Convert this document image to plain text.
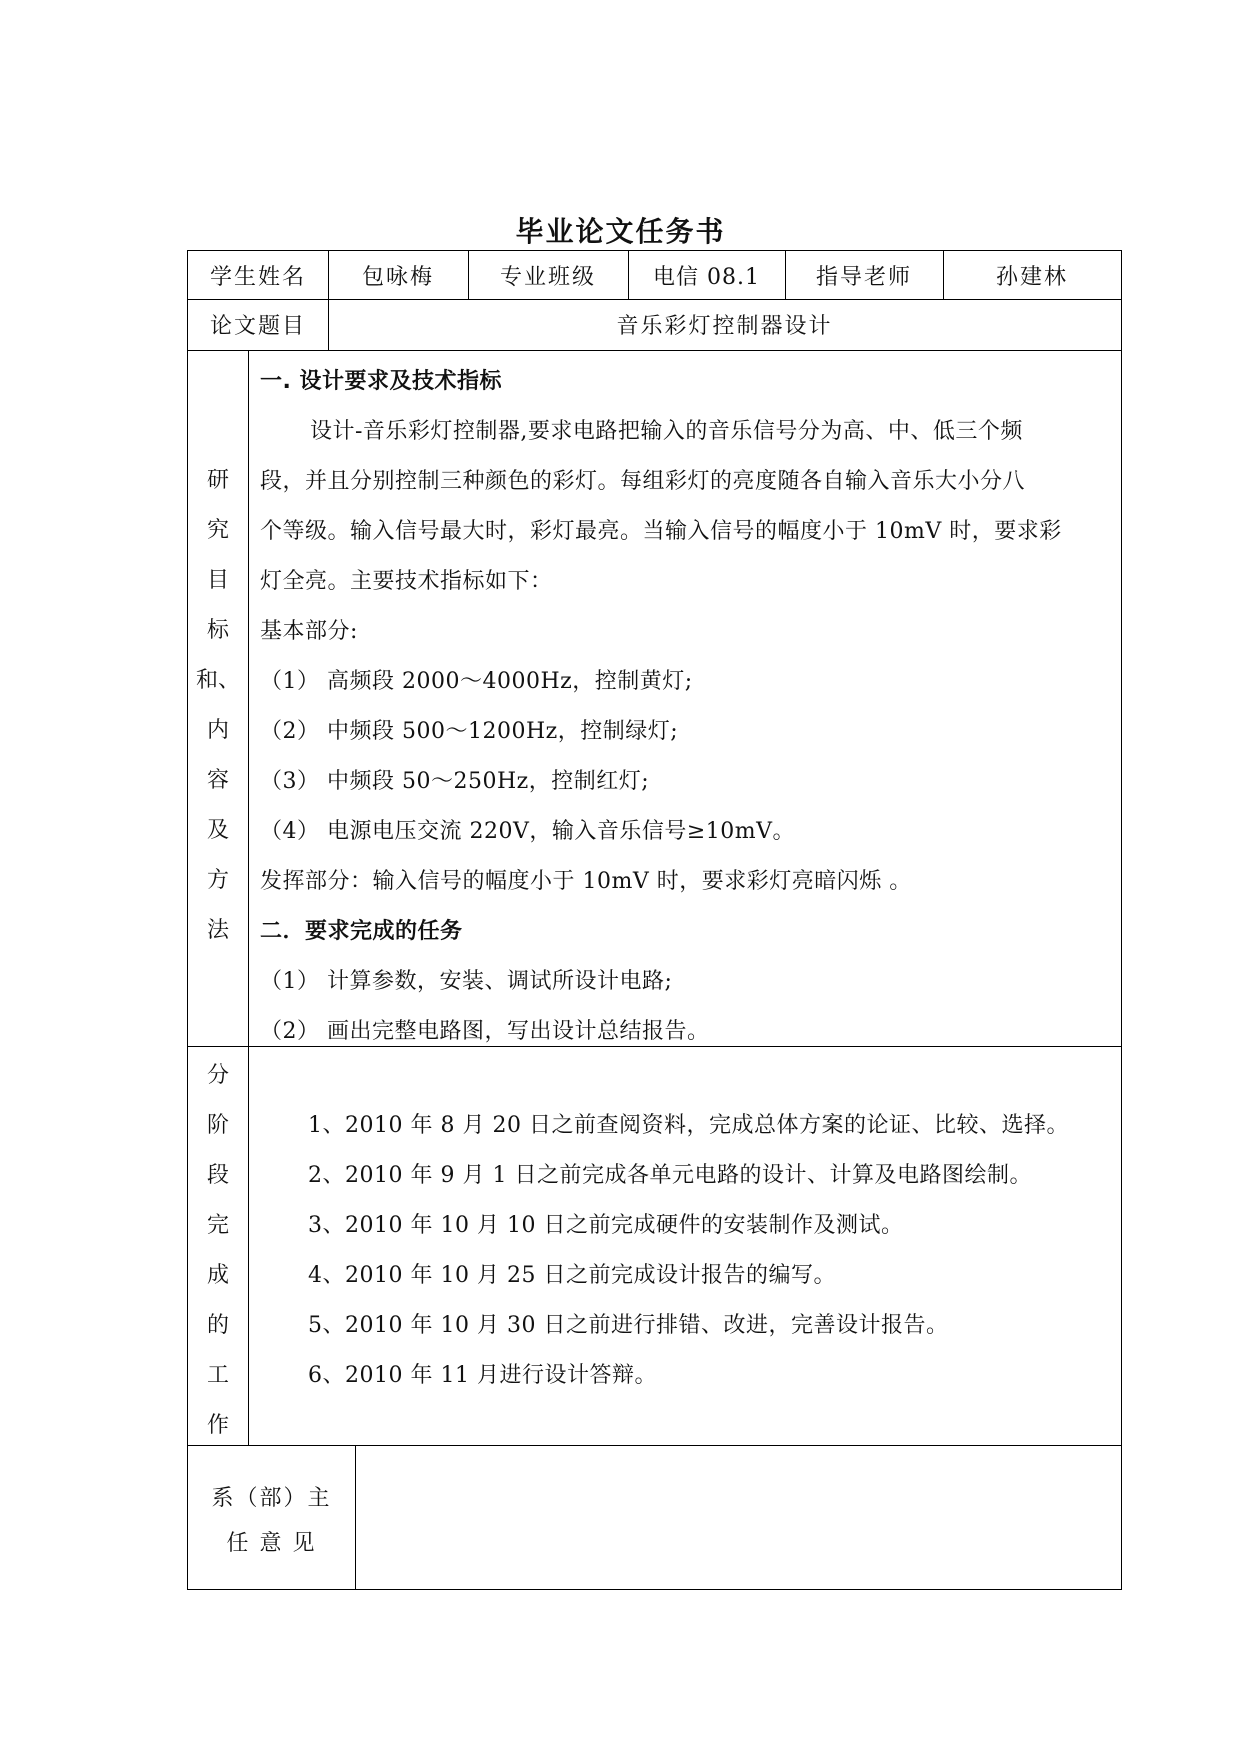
毕业论文任务书
学生姓名	包咏梅	专业班级	电信 08.1	指导老师	孙建林
论文题目	音乐彩灯控制器设计
研
究
目
标
和、
内
容
及
方
法
一. 设计要求及技术指标
设计-音乐彩灯控制器,要求电路把输入的音乐信号分为高、中、低三个频
段，并且分别控制三种颜色的彩灯。每组彩灯的亮度随各自输入音乐大小分八
个等级。输入信号最大时，彩灯最亮。当输入信号的幅度小于 10mV 时，要求彩
灯全亮。主要技术指标如下：
基本部分:
（1） 高频段 2000～4000Hz，控制黄灯;
（2） 中频段 500～1200Hz，控制绿灯;
（3） 中频段 50～250Hz，控制红灯;
（4） 电源电压交流 220V，输入音乐信号≥10mV。
发挥部分：输入信号的幅度小于 10mV 时，要求彩灯亮暗闪烁 。
二．要求完成的任务
（1） 计算参数，安装、调试所设计电路;
（2） 画出完整电路图，写出设计总结报告。
分
阶
段
完
成
的
工
作
1、2010 年 8 月 20 日之前查阅资料，完成总体方案的论证、比较、选择。
2、2010 年 9 月 1 日之前完成各单元电路的设计、计算及电路图绘制。
3、2010 年 10 月 10 日之前完成硬件的安装制作及测试。
4、2010 年 10 月 25 日之前完成设计报告的编写。
5、2010 年 10 月 30 日之前进行排错、改进，完善设计报告。
6、2010 年 11 月进行设计答辩。
系（部）主
任 意 见
